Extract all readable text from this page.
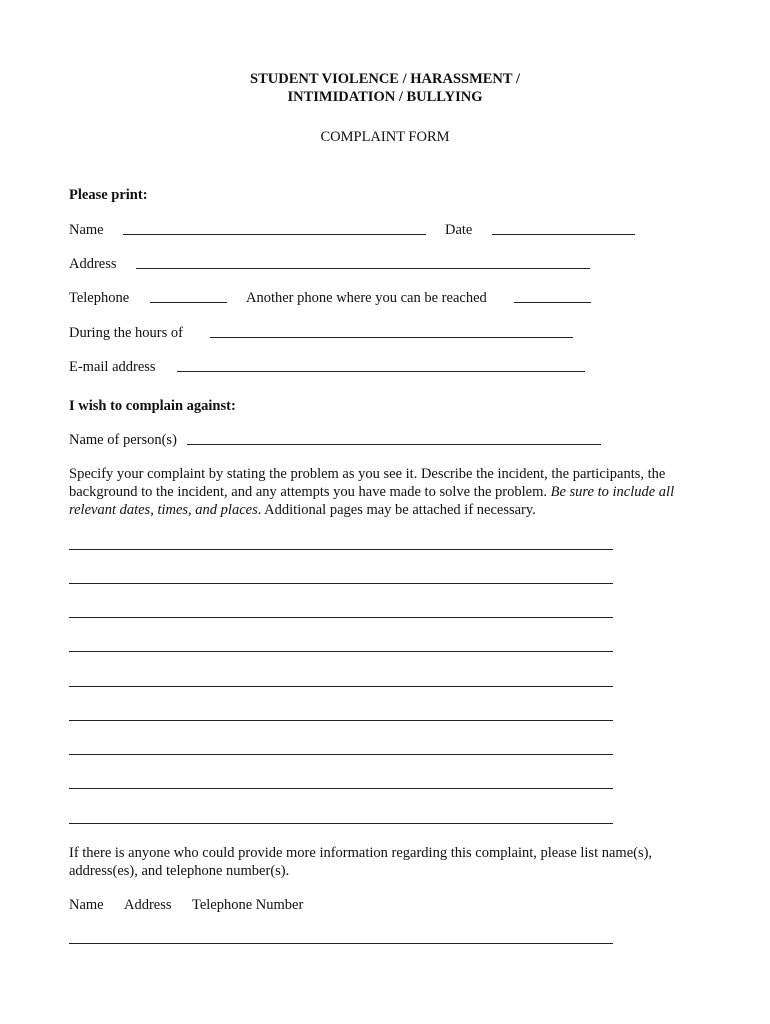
STUDENT VIOLENCE / HARASSMENT /
INTIMIDATION / BULLYING
COMPLAINT FORM
Please print:
Name	Date
Address
Telephone	Another phone where you can be reached
During the hours of
E-mail address
I wish to complain against:
Name of person(s)
Specify your complaint by stating the problem as you see it. Describe the incident, the participants, the background to the incident, and any attempts you have made to solve the problem. Be sure to include all relevant dates, times, and places. Additional pages may be attached if necessary.
If there is anyone who could provide more information regarding this complaint, please list name(s), address(es), and telephone number(s).
Name Address Telephone Number
